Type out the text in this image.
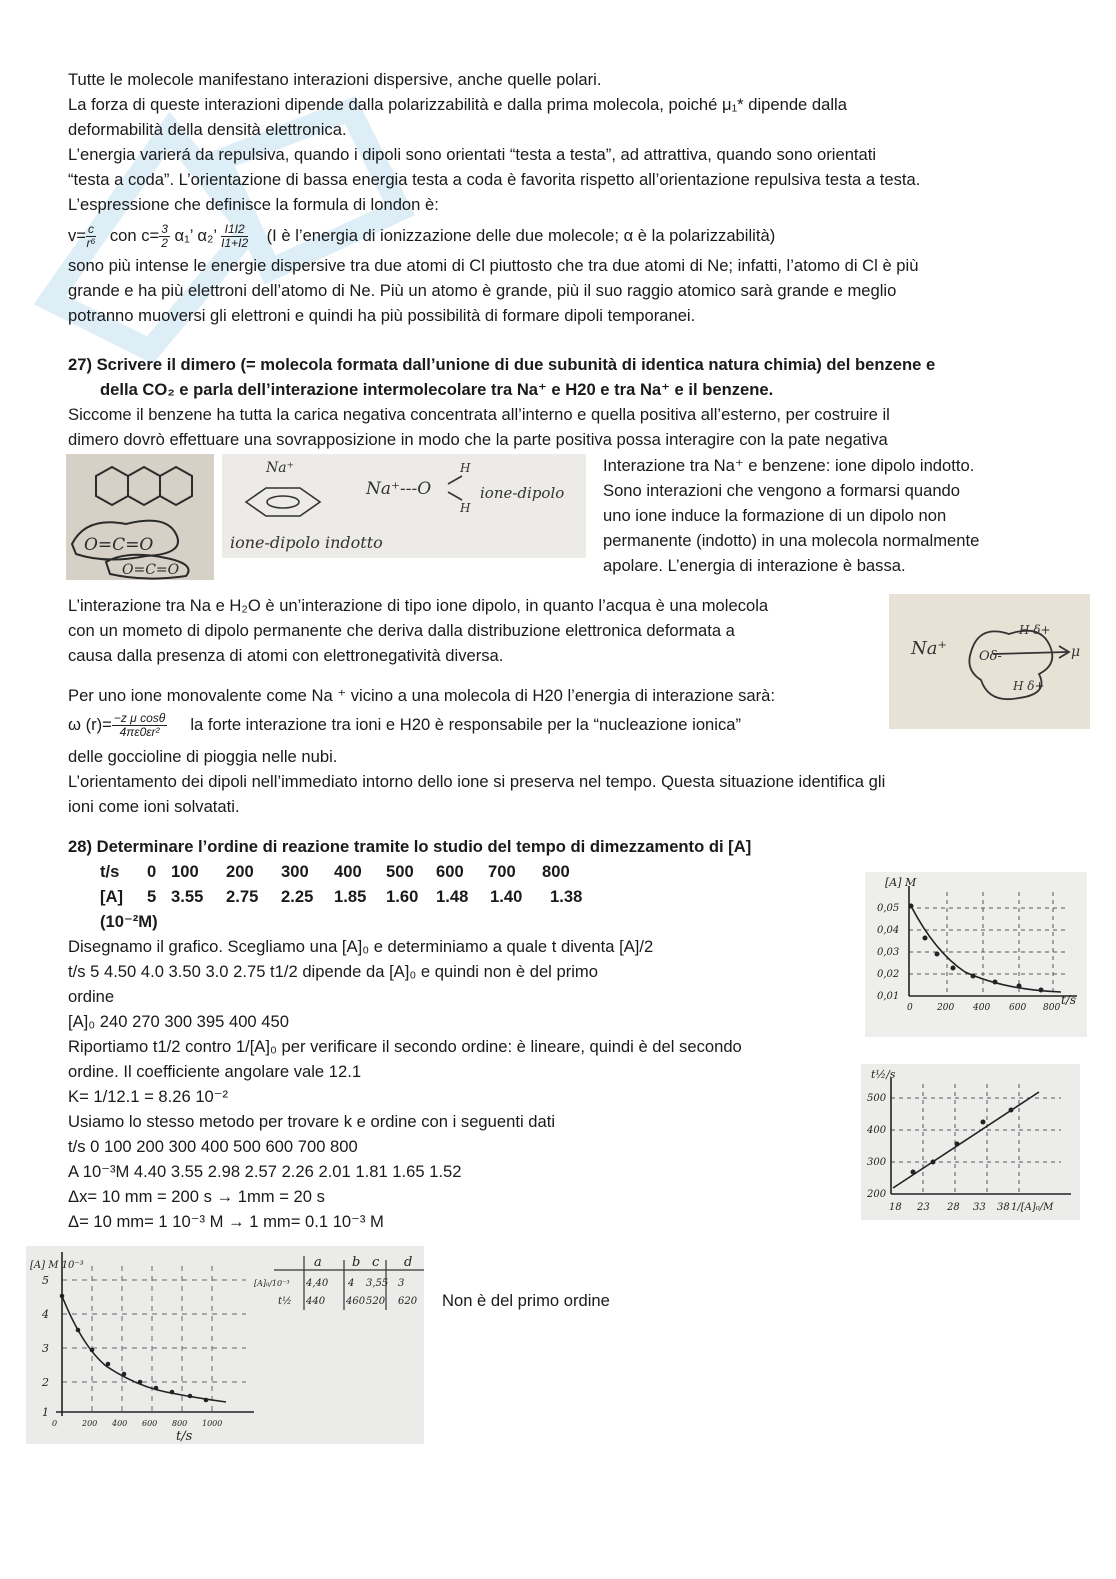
Tutte le molecole manifestano interazioni dispersive, anche quelle polari.
La forza di queste interazioni dipende dalla polarizzabilità e dalla prima molecola, poiché μ₁* dipende dalla
deformabilità della densità elettronica.
L’energia varierá da repulsiva, quando i dipoli sono orientati “testa a testa”, ad attrattiva, quando sono orientati
“testa a coda”. L’orientazione di bassa energia testa a coda è favorita rispetto all’orientazione repulsiva testa a testa.
L’espressione che definisce la formula di london è:
$v= \frac{c}{\text{r⁶}}$ con $c= \frac{3}{2} \alpha_1$’ α₂’ $\frac{I1I2}{I1+I2} (I$ è l’energia di ionizzazione delle due molecole; α è la polarizzabilità)
sono più intense le energie dispersive tra due atomi di Cl piuttosto che tra due atomi di Ne; infatti, l’atomo di Cl è più
grande e ha più elettroni dell’atomo di Ne. Più un atomo è grande, più il suo raggio atomico sarà grande e meglio
potranno muoversi gli elettroni e quindi ha più possibilità di formare dipoli temporanei.
27) Scrivere il dimero (= molecola formata dall’unione di due subunità di identica natura chimia) del benzene e
della CO₂ e parla dell’interazione intermolecolare tra Na⁺ e H20 e tra Na⁺ e il benzene.
Siccome il benzene ha tutta la carica negativa concentrata all’interno e quella positiva all’esterno, per costruire il
dimero dovrò effettuare una sovrapposizione in modo che la parte positiva possa interagire con la pate negativa
O=C=O
O=C=O
Na⁺
Na⁺---O
H
H
ione-dipolo
ione-dipolo indotto
Interazione tra Na⁺ e benzene: ione dipolo indotto.
Sono interazioni che vengono a formarsi quando
uno ione induce la formazione di un dipolo non
permanente (indotto) in una molecola normalmente
apolare. L’energia di interazione è bassa.
L’interazione tra Na e H₂O è un’interazione di tipo ione dipolo, in quanto l’acqua è una molecola
con un mometo di dipolo permanente che deriva dalla distribuzione elettronica deformata a
causa dalla presenza di atomi con elettronegatività diversa.	Na⁺ Oδ-
H δ+
H δ+
μ
Per uno ione monovalente come Na ⁺ vicino a una molecola di H20 l’energia di interazione sarà:
ω $(r)= \frac{\text{−z μ cosθ}}{\text{4πε0εr²}}$ la forte interazione tra ioni e H20 è responsabile per la “nucleazione ionica”
delle goccioline di pioggia nelle nubi.
L’orientamento dei dipoli nell’immediato intorno dello ione si preserva nel tempo. Questa situazione identifica gli
ioni come ioni solvatati.
28) Determinare l’ordine di reazione tramite lo studio del tempo di dimezzamento di [A]
t/s 0 100 200 300 400 500 600 700 800
[A] 5 3.55 2.75 2.25 1.85 1.60 1.48 1.40 1.38
(10⁻²M)
Disegnamo il grafico. Scegliamo una [A]₀ e determiniamo a quale t diventa [A]/2
t/s 5 4.50 4.0 3.50 3.0 2.75 t1/2 dipende da [A]₀ e quindi non è del primo
ordine
[A]₀ 240 270 300 395 400 450
Riportiamo t1/2 contro 1/[A]₀ per verificare il secondo ordine: è lineare, quindi è del secondo
ordine. Il coefficiente angolare vale 12.1
K= 1/12.1 = 8.26 10⁻²
Usiamo lo stesso metodo per trovare k e ordine con i seguenti dati
t/s 0 100 200 300 400 500 600 700 800
A 10⁻³M 4.40 3.55 2.98 2.57 2.26 2.01 1.81 1.65 1.52
Δx= 10 mm = 200 s → 1mm = 20 s
Δ= 10 mm= 1 10⁻³ M → 1 mm= 0.1 10⁻³ M
[A] M
t/s
0,05
0,04
0,03
0,02
0,01
0	200 400 600 800
t½/s
1/[A]₀/M
500
400
300
200
18 23 28 33 38
[A] M 10⁻³
5
4
3
2
1
0	200 400 600 800 1000
t/s
a b c d
[A]₀/10⁻³ 4,40 4 3,55 3
t½ 440 460 520 620 Non è del primo ordine
